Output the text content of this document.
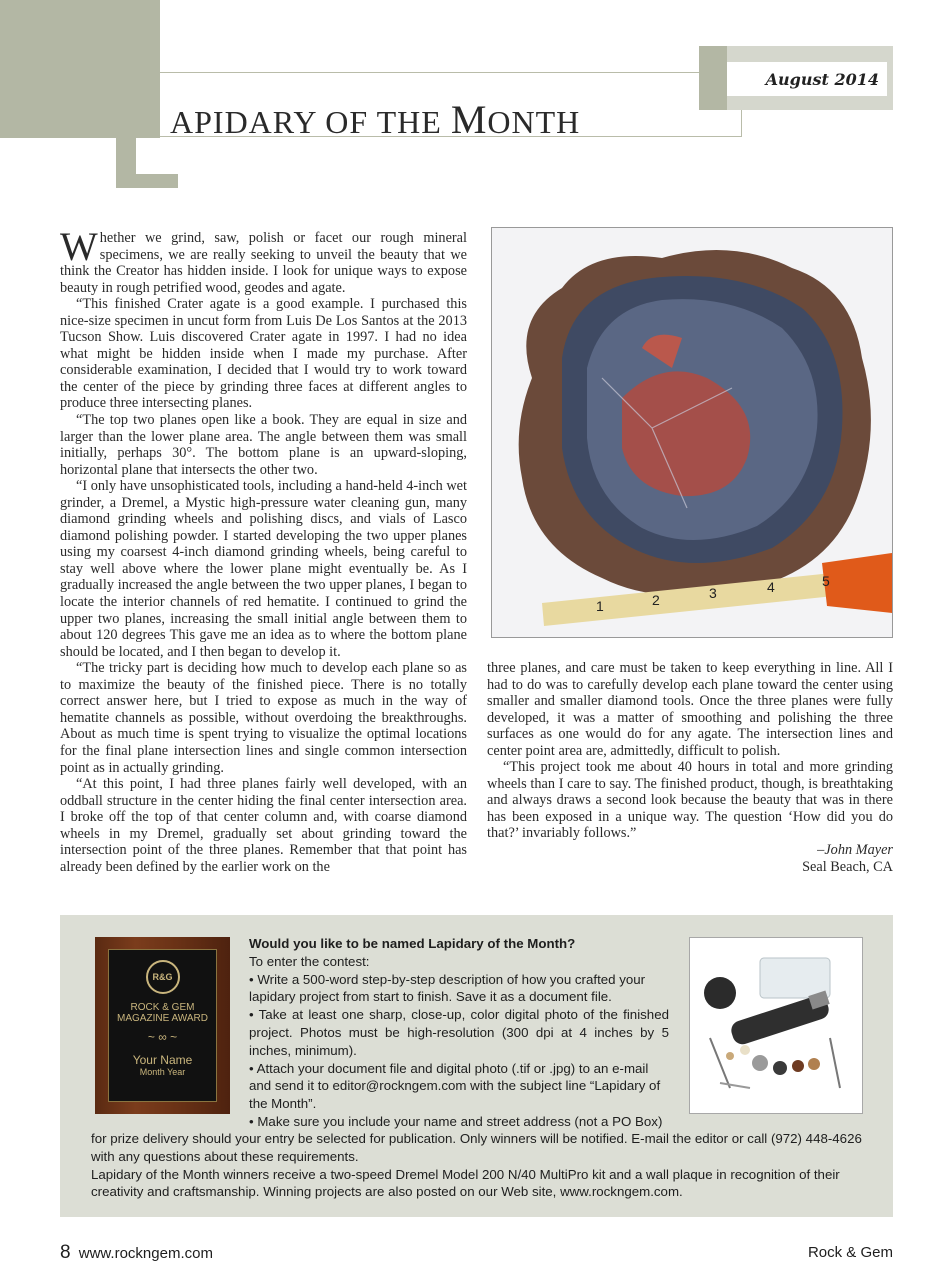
APIDARY OF THE MONTH
August 2014

Whether we grind, saw, polish or facet our rough mineral specimens, we are really seeking to unveil the beauty that we think the Creator has hidden inside. I look for unique ways to expose beauty in rough petrified wood, geodes and agate.

“This finished Crater agate is a good example. I purchased this nice-size specimen in uncut form from Luis De Los Santos at the 2013 Tucson Show. Luis discovered Crater agate in 1997. I had no idea what might be hidden inside when I made my purchase. After considerable examination, I decided that I would try to work toward the center of the piece by grinding three faces at different angles to produce three intersecting planes.

“The top two planes open like a book. They are equal in size and larger than the lower plane area. The angle between them was small initially, perhaps 30°. The bottom plane is an upward-sloping, horizontal plane that intersects the other two.

“I only have unsophisticated tools, including a hand-held 4-inch wet grinder, a Dremel, a Mystic high-pressure water cleaning gun, many diamond grinding wheels and polishing discs, and vials of Lasco diamond polishing powder. I started developing the two upper planes using my coarsest 4-inch diamond grinding wheels, being careful to stay well above where the lower plane might eventually be. As I gradually increased the angle between the two upper planes, I began to locate the interior channels of red hematite. I continued to grind the upper two planes, increasing the small initial angle between them to about 120 degrees This gave me an idea as to where the bottom plane should be located, and I then began to develop it.

“The tricky part is deciding how much to develop each plane so as to maximize the beauty of the finished piece. There is no totally correct answer here, but I tried to expose as much in the way of hematite channels as possible, without overdoing the breakthroughs. About as much time is spent trying to visualize the optimal locations for the final plane intersection lines and single common intersection point as in actually grinding.

“At this point, I had three planes fairly well developed, with an oddball structure in the center hiding the final center intersection area. I broke off the top of that center column and, with coarse diamond wheels in my Dremel, gradually set about grinding toward the intersection point of the three planes. Remember that that point has already been defined by the earlier work on the

1	2	3	4	5

three planes, and care must be taken to keep everything in line. All I had to do was to carefully develop each plane toward the center using smaller and smaller diamond tools. Once the three planes were fully developed, it was a matter of smoothing and polishing the three surfaces as one would do for any agate. The intersection lines and center point area are, admittedly, difficult to polish.

“This project took me about 40 hours in total and more grinding wheels than I care to say. The finished product, though, is breathtaking and always draws a second look because the beauty that was in there has been exposed in a unique way. The question ‘How did you do that?’ invariably follows.”

–John Mayer

Seal Beach, CA

R&G
ROCK & GEM
MAGAZINE AWARD
~ ∞ ~
Your Name
Month Year
Would you like to be named Lapidary of the Month?
To enter the contest:
• Write a 500-word step-by-step description of how you crafted your lapidary project from start to finish. Save it as a document file.
• Take at least one sharp, close-up, color digital photo of the finished project. Photos must be high-resolution (300 dpi at 4 inches by 5 inches, minimum).
• Attach your document file and digital photo (.tif or .jpg) to an e-mail and send it to editor@rockngem.com with the subject line “Lapidary of the Month”.
• Make sure you include your name and street address (not a PO Box)
for prize delivery should your entry be selected for publication. Only winners will be notified. E-mail the editor or call (972) 448-4626 with any questions about these requirements.
Lapidary of the Month winners receive a two-speed Dremel Model 200 N/40 MultiPro kit and a wall plaque in recognition of their creativity and craftsmanship. Winning projects are also posted on our Web site, www.rockngem.com.
8 www.rockngem.com	Rock & Gem
